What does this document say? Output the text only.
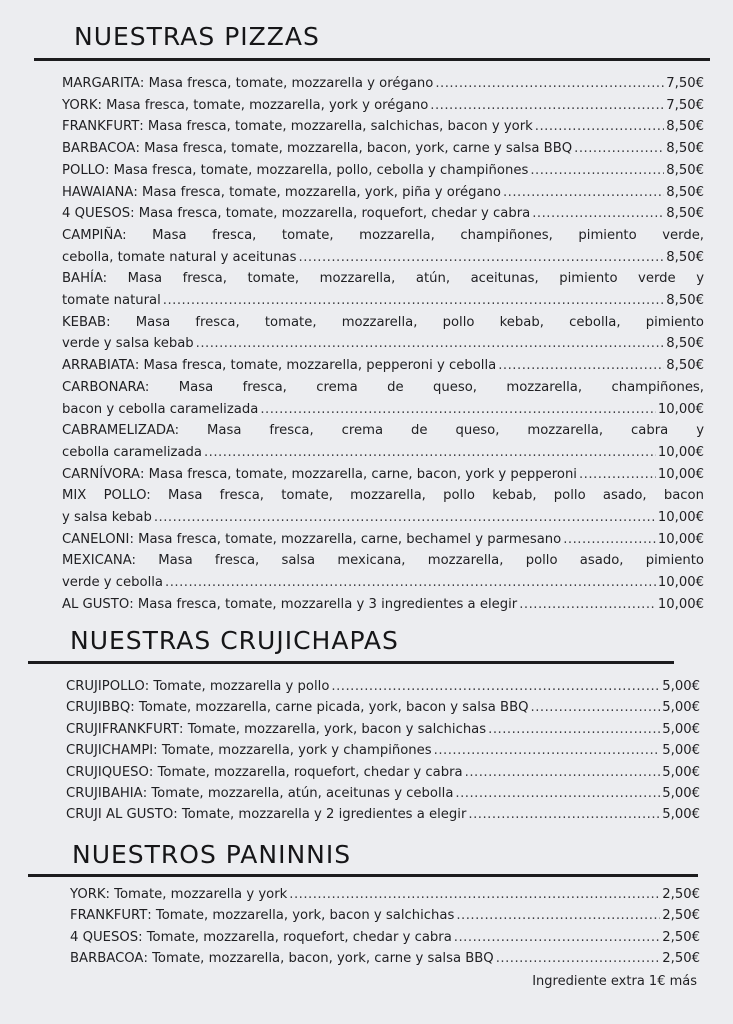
NUESTRAS PIZZAS
MARGARITA : Masa fresca, tomate, mozzarella y orégano .....	7,50€
YORK : Masa fresca, tomate, mozzarella, york y orégano .....	7,50€
FRANKFURT : Masa fresca, tomate, mozzarella, salchichas, bacon y york .....	8,50€
BARBACOA : Masa fresca, tomate, mozzarella, bacon, york, carne y salsa BBQ .....	8,50€
POLLO : Masa fresca, tomate, mozzarella, pollo, cebolla y champiñones .....	8,50€
HAWAIANA : Masa fresca, tomate, mozzarella, york, piña y orégano .....	8,50€
4 QUESOS : Masa fresca, tomate, mozzarella, roquefort, chedar y cabra .....	8,50€
CAMPIÑA: Masa fresca, tomate, mozzarella, champiñones, pimiento verde,
cebolla, tomate natural y aceitunas .....	8,50€
BAHÍA: Masa fresca, tomate, mozzarella, atún, aceitunas, pimiento verde y
tomate natural .....	8,50€
KEBAB: Masa fresca, tomate, mozzarella, pollo kebab, cebolla, pimiento
verde y salsa kebab .....	8,50€
ARRABIATA : Masa fresca, tomate, mozzarella, pepperoni y cebolla .....	8,50€
CARBONARA: Masa fresca, crema de queso, mozzarella, champiñones,
bacon y cebolla caramelizada .....	10,00€
CABRAMELIZADA: Masa fresca, crema de queso, mozzarella, cabra y
cebolla caramelizada .....	10,00€
CARNÍVORA : Masa fresca, tomate, mozzarella, carne, bacon, york y pepperoni .....	10,00€
MIX POLLO: Masa fresca, tomate, mozzarella, pollo kebab, pollo asado, bacon
y salsa kebab .....	10,00€
CANELONI : Masa fresca, tomate, mozzarella, carne, bechamel y parmesano .....	10,00€
MEXICANA: Masa fresca, salsa mexicana, mozzarella, pollo asado, pimiento
verde y cebolla .....	10,00€
AL GUSTO : Masa fresca, tomate, mozzarella y 3 ingredientes a elegir .....	10,00€
NUESTRAS CRUJICHAPAS
CRUJIPOLLO : Tomate, mozzarella y pollo .....	5,00€
CRUJIBBQ : Tomate, mozzarella, carne picada, york, bacon y salsa BBQ .....	5,00€
CRUJIFRANKFURT : Tomate, mozzarella, york, bacon y salchichas .....	5,00€
CRUJICHAMPI : Tomate, mozzarella, york y champiñones .....	5,00€
CRUJIQUESO : Tomate, mozzarella, roquefort, chedar y cabra .....	5,00€
CRUJIBAHIA : Tomate, mozzarella, atún, aceitunas y cebolla .....	5,00€
CRUJI AL GUSTO : Tomate, mozzarella y 2 igredientes a elegir .....	5,00€
NUESTROS PANINNIS
YORK : Tomate, mozzarella y york .....	2,50€
FRANKFURT : Tomate, mozzarella, york, bacon y salchichas .....	2,50€
4 QUESOS : Tomate, mozzarella, roquefort, chedar y cabra .....	2,50€
BARBACOA : Tomate, mozzarella, bacon, york, carne y salsa BBQ .....	2,50€
Ingrediente extra 1€ más
